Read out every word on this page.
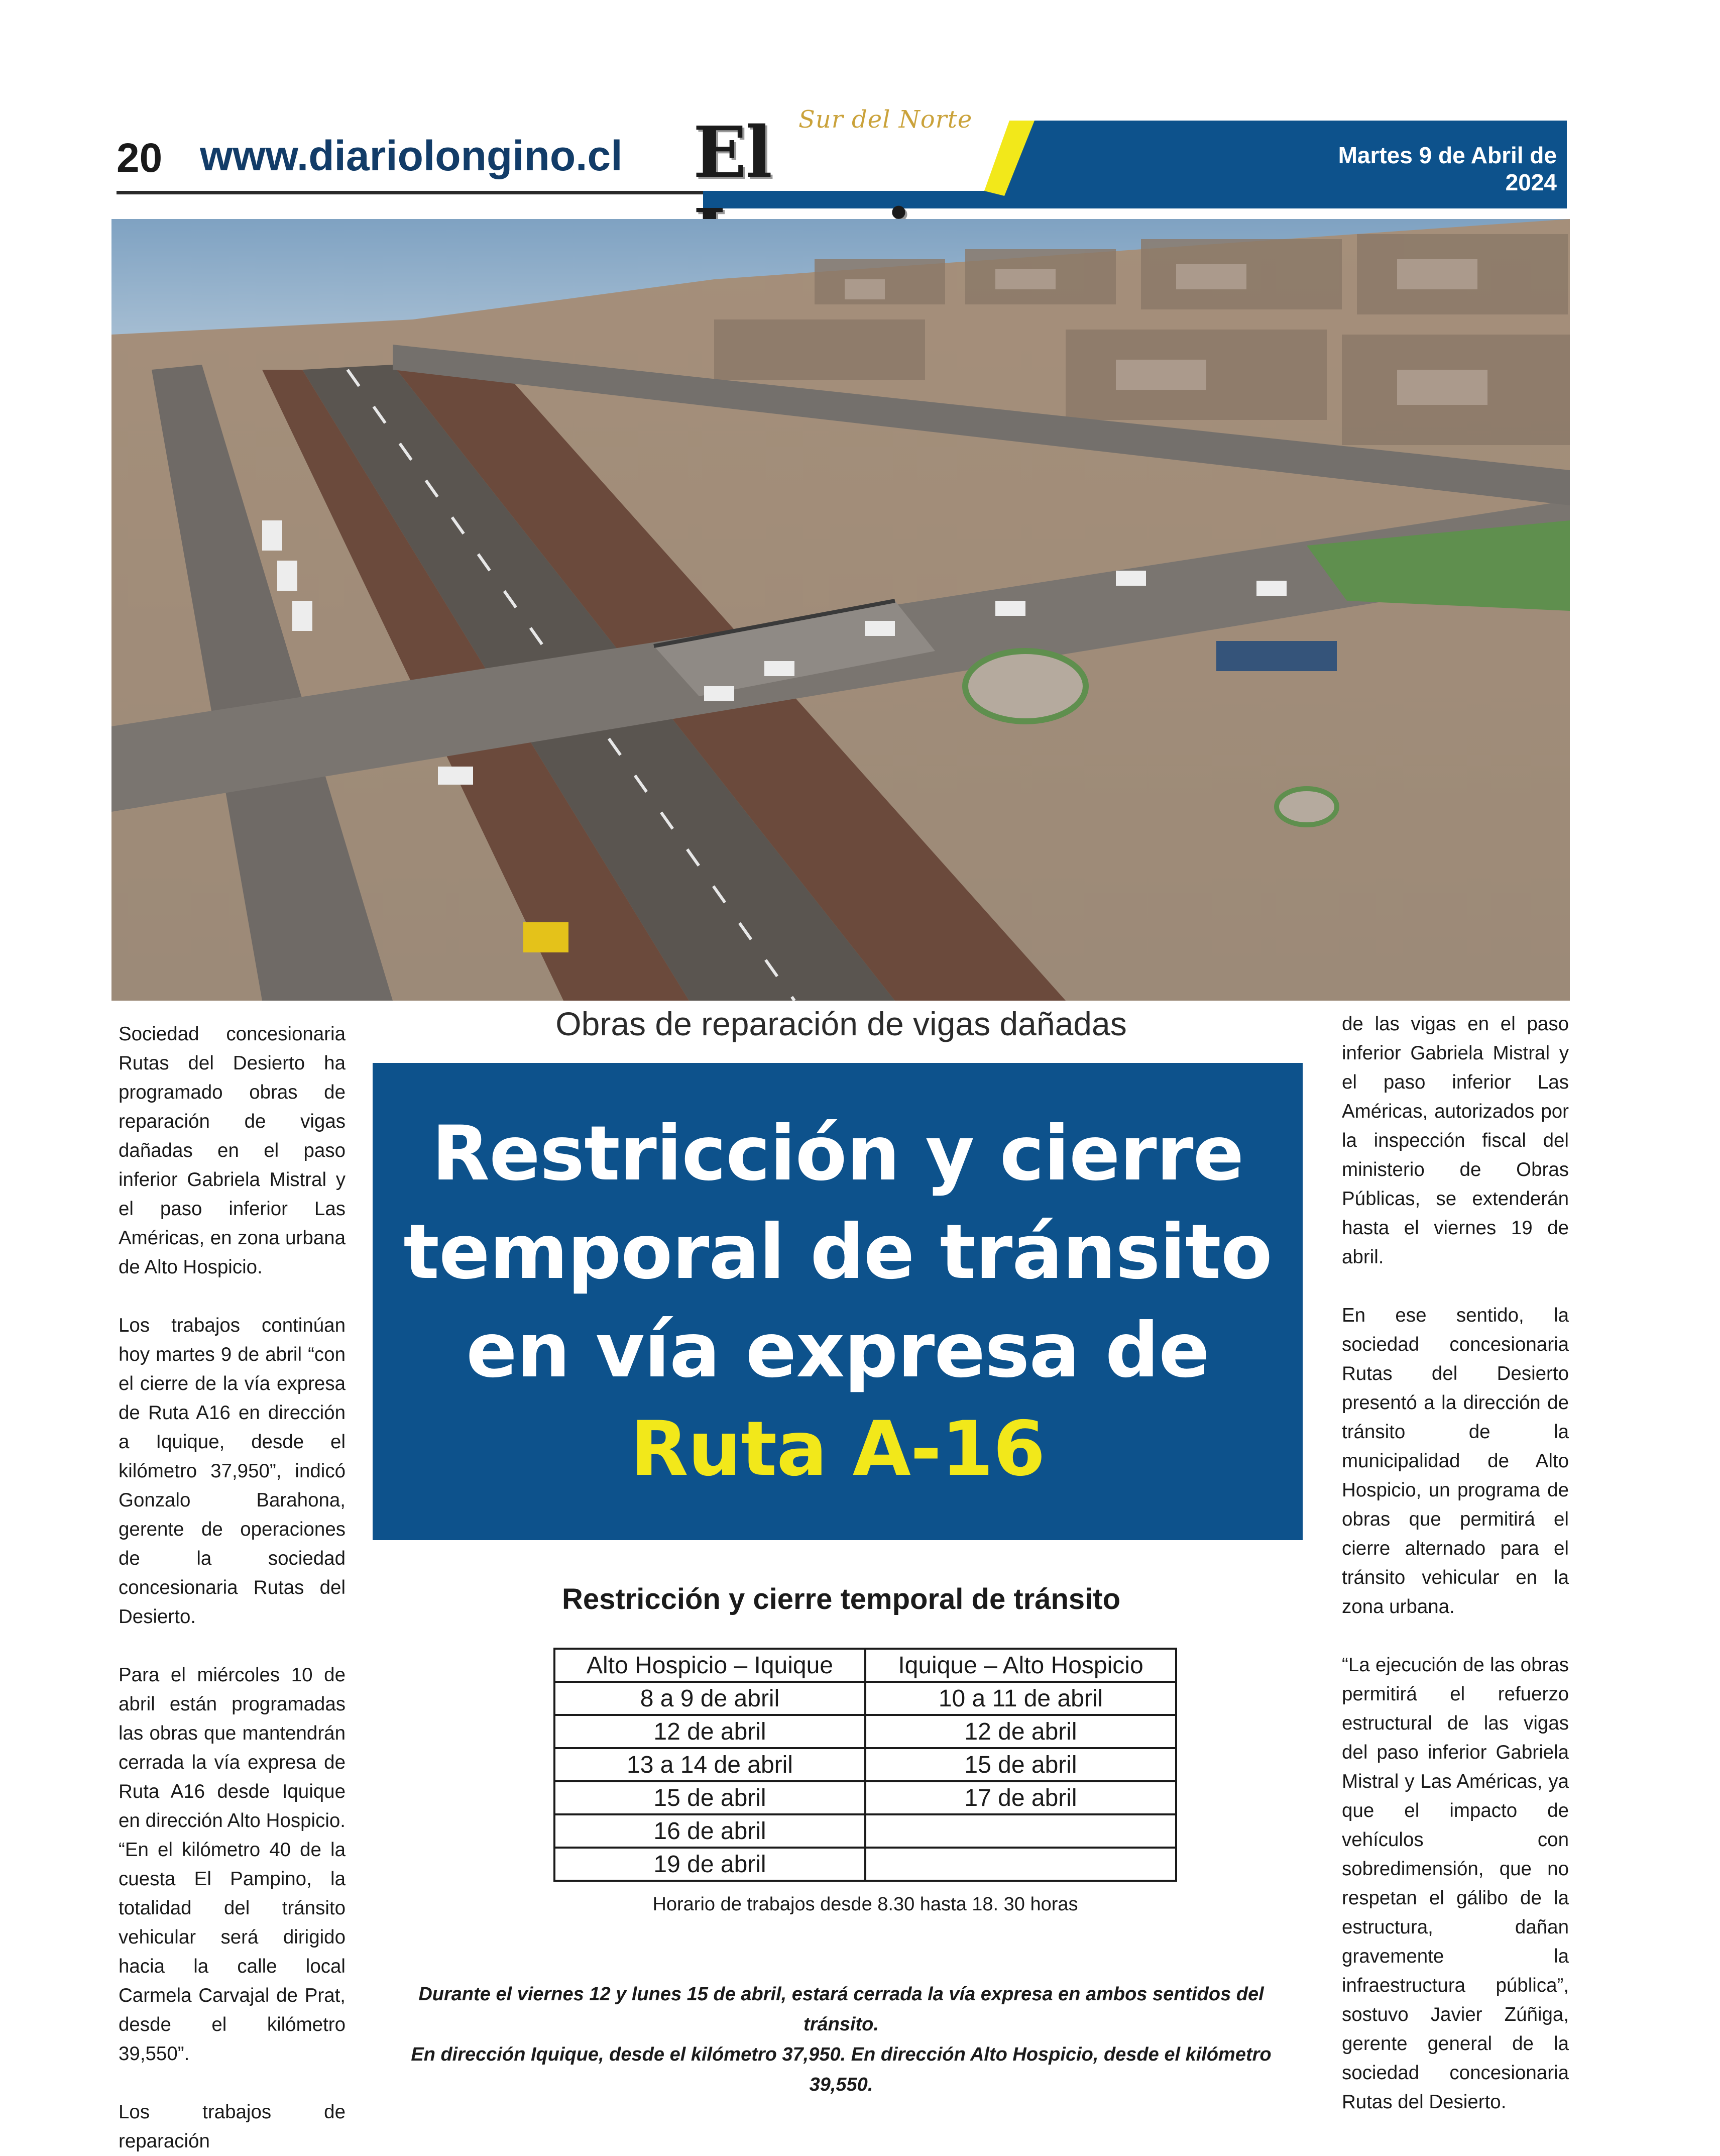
20 www.diariolongino.cl	Martes 9 de Abril de 2024
El	Sur del Norte

Sociedad concesionaria Rutas del Desierto ha programado obras de reparación de vigas dañadas en el paso inferior Gabriela Mistral y el paso inferior Las Américas, en zona urbana de Alto Hospicio.

Los trabajos continúan hoy martes 9 de abril “con el cierre de la vía expresa de Ruta A16 en dirección a Iquique, desde el kilómetro 37,950”, indicó Gonzalo Barahona, gerente de operaciones de la sociedad concesionaria Rutas del Desierto.

Para el miércoles 10 de abril están programadas las obras que mantendrán cerrada la vía expresa de Ruta A16 desde Iquique en dirección Alto Hospicio. “En el kilómetro 40 de la cuesta El Pampino, la totalidad del tránsito vehicular será dirigido hacia la calle local Carmela Carvajal de Prat, desde el kilómetro 39,550”.

Los trabajos de reparación

Obras de reparación de vigas dañadas
Restricción y cierre
temporal de tránsito
en vía expresa de
Ruta A-16
Restricción y cierre temporal de tránsito
Alto Hospicio – Iquique	Iquique – Alto Hospicio
8 a 9 de abril	10 a 11 de abril
12 de abril	12 de abril
13 a 14 de abril	15 de abril
15 de abril	17 de abril
16 de abril	
19 de abril	
Horario de trabajos desde 8.30 hasta 18. 30 horas
Durante el viernes 12 y lunes 15 de abril, estará cerrada la vía expresa en ambos sentidos del tránsito.
En dirección Iquique, desde el kilómetro 37,950. En dirección Alto Hospicio, desde el kilómetro 39,550.

de las vigas en el paso inferior Gabriela Mistral y el paso inferior Las Américas, autorizados por la inspección fiscal del ministerio de Obras Públicas, se extenderán hasta el viernes 19 de abril.

En ese sentido, la sociedad concesionaria Rutas del Desierto presentó a la dirección de tránsito de la municipalidad de Alto Hospicio, un programa de obras que permitirá el cierre alternado para el tránsito vehicular en la zona urbana.

“La ejecución de las obras permitirá el refuerzo estructural de las vigas del paso inferior Gabriela Mistral y Las Américas, ya que el impacto de vehículos con sobredimensión, que no respetan el gálibo de la estructura, dañan gravemente la infraestructura pública”, sostuvo Javier Zúñiga, gerente general de la sociedad concesionaria Rutas del Desierto.
